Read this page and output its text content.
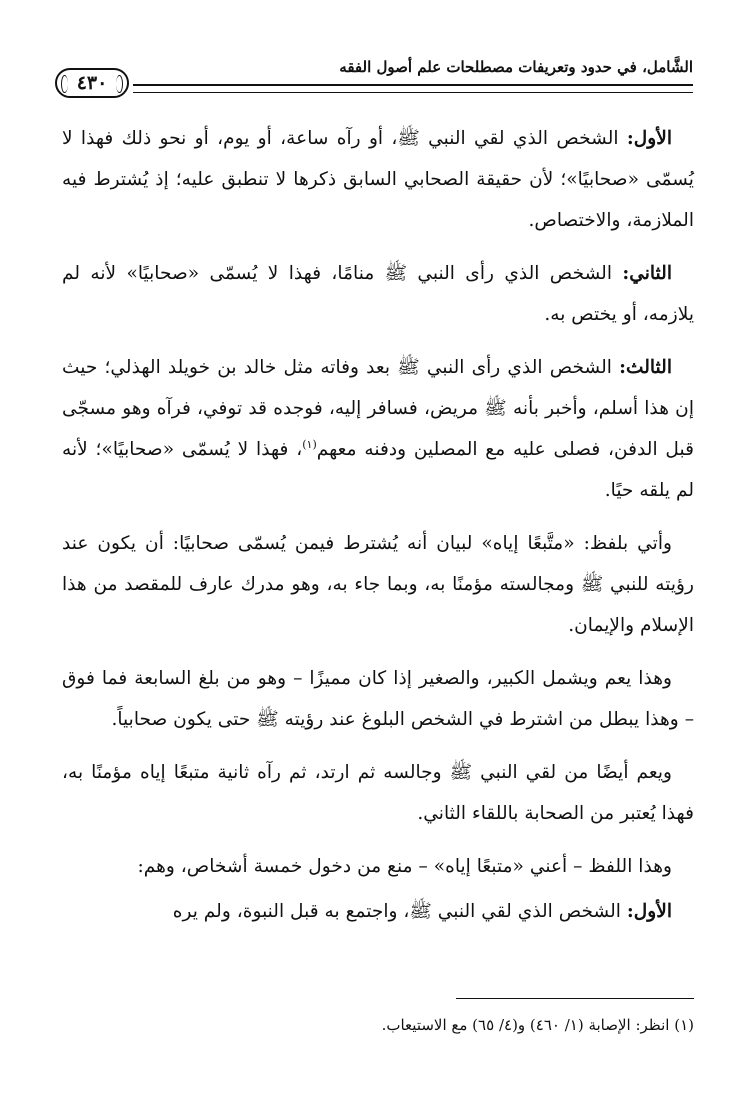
الشَّامل، في حدود وتعريفات مصطلحات علم أصول الفقه
٤٣٠

الأول: الشخص الذي لقي النبي ﷺ، أو رآه ساعة، أو يوم، أو نحو ذلك فهذا لا يُسمّى «صحابيًا»؛ لأن حقيقة الصحابي السابق ذكرها لا تنطبق عليه؛ إذ يُشترط فيه الملازمة، والاختصاص.

الثاني: الشخص الذي رأى النبي ﷺ منامًا، فهذا لا يُسمّى «صحابيًا» لأنه لم يلازمه، أو يختص به.

الثالث: الشخص الذي رأى النبي ﷺ بعد وفاته مثل خالد بن خويلد الهذلي؛ حيث إن هذا أسلم، وأخبر بأنه ﷺ مريض، فسافر إليه، فوجده قد توفي، فرآه وهو مسجّى قبل الدفن، فصلى عليه مع المصلين ودفنه معهم$^{(١)}$، فهذا لا يُسمّى «صحابيًا»؛ لأنه لم يلقه حيًا.

وأتي بلفظ: «متَّبعًا إياه» لبيان أنه يُشترط فيمن يُسمّى صحابيًا: أن يكون عند رؤيته للنبي ﷺ ومجالسته مؤمنًا به، وبما جاء به، وهو مدرك عارف للمقصد من هذا الإسلام والإيمان.

وهذا يعم ويشمل الكبير، والصغير إذا كان مميزًا – وهو من بلغ السابعة فما فوق – وهذا يبطل من اشترط في الشخص البلوغ عند رؤيته ﷺ حتى يكون صحابياً.

ويعم أيضًا من لقي النبي ﷺ وجالسه ثم ارتد، ثم رآه ثانية متبعًا إياه مؤمنًا به، فهذا يُعتبر من الصحابة باللقاء الثاني.

وهذا اللفظ – أعني «متبعًا إياه» – منع من دخول خمسة أشخاص، وهم:

الأول: الشخص الذي لقي النبي ﷺ، واجتمع به قبل النبوة، ولم يره

(١) انظر: الإصابة (١/ ٤٦٠) و(٤/ ٦٥) مع الاستيعاب.
